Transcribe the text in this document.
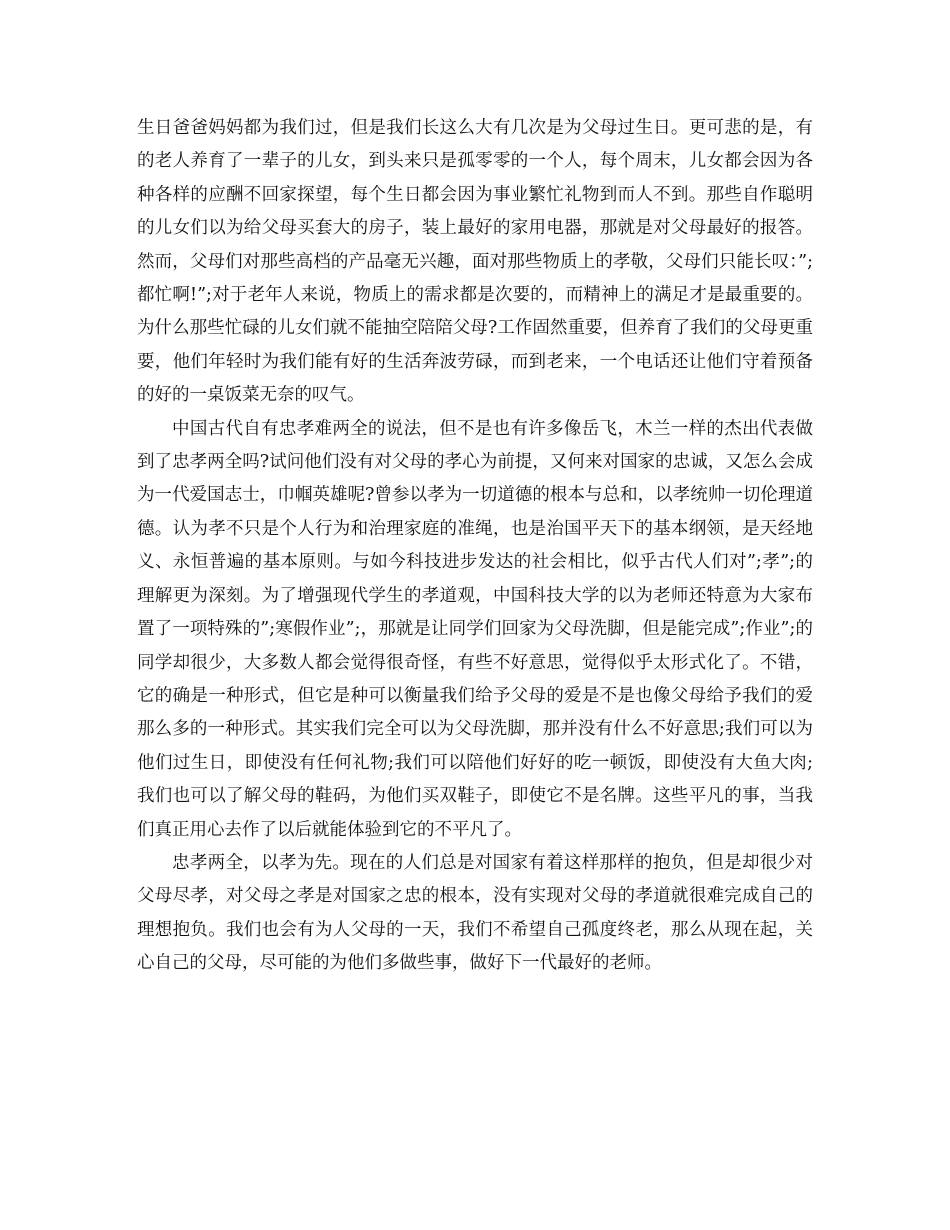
生日爸爸妈妈都为我们过，但是我们长这么大有几次是为父母过生日。更可悲的是，有的老人养育了一辈子的儿女，到头来只是孤零零的一个人，每个周末，儿女都会因为各种各样的应酬不回家探望，每个生日都会因为事业繁忙礼物到而人不到。那些自作聪明的儿女们以为给父母买套大的房子，装上最好的家用电器，那就是对父母最好的报答。然而，父母们对那些高档的产品毫无兴趣，面对那些物质上的孝敬，父母们只能长叹：”;都忙啊!”;对于老年人来说，物质上的需求都是次要的，而精神上的满足才是最重要的。为什么那些忙碌的儿女们就不能抽空陪陪父母?工作固然重要，但养育了我们的父母更重要，他们年轻时为我们能有好的生活奔波劳碌，而到老来，一个电话还让他们守着预备的好的一桌饭菜无奈的叹气。

中国古代自有忠孝难两全的说法，但不是也有许多像岳飞，木兰一样的杰出代表做到了忠孝两全吗?试问他们没有对父母的孝心为前提，又何来对国家的忠诚，又怎么会成为一代爱国志士，巾帼英雄呢?曾参以孝为一切道德的根本与总和，以孝统帅一切伦理道德。认为孝不只是个人行为和治理家庭的准绳，也是治国平天下的基本纲领，是天经地义、永恒普遍的基本原则。与如今科技进步发达的社会相比，似乎古代人们对”;孝”;的理解更为深刻。为了增强现代学生的孝道观，中国科技大学的以为老师还特意为大家布置了一项特殊的”;寒假作业”;，那就是让同学们回家为父母洗脚，但是能完成”;作业”;的同学却很少，大多数人都会觉得很奇怪，有些不好意思，觉得似乎太形式化了。不错，它的确是一种形式，但它是种可以衡量我们给予父母的爱是不是也像父母给予我们的爱那么多的一种形式。其实我们完全可以为父母洗脚，那并没有什么不好意思;我们可以为他们过生日，即使没有任何礼物;我们可以陪他们好好的吃一顿饭，即使没有大鱼大肉;我们也可以了解父母的鞋码，为他们买双鞋子，即使它不是名牌。这些平凡的事，当我们真正用心去作了以后就能体验到它的不平凡了。

忠孝两全，以孝为先。现在的人们总是对国家有着这样那样的抱负，但是却很少对父母尽孝，对父母之孝是对国家之忠的根本，没有实现对父母的孝道就很难完成自己的理想抱负。我们也会有为人父母的一天，我们不希望自己孤度终老，那么从现在起，关心自己的父母，尽可能的为他们多做些事，做好下一代最好的老师。
